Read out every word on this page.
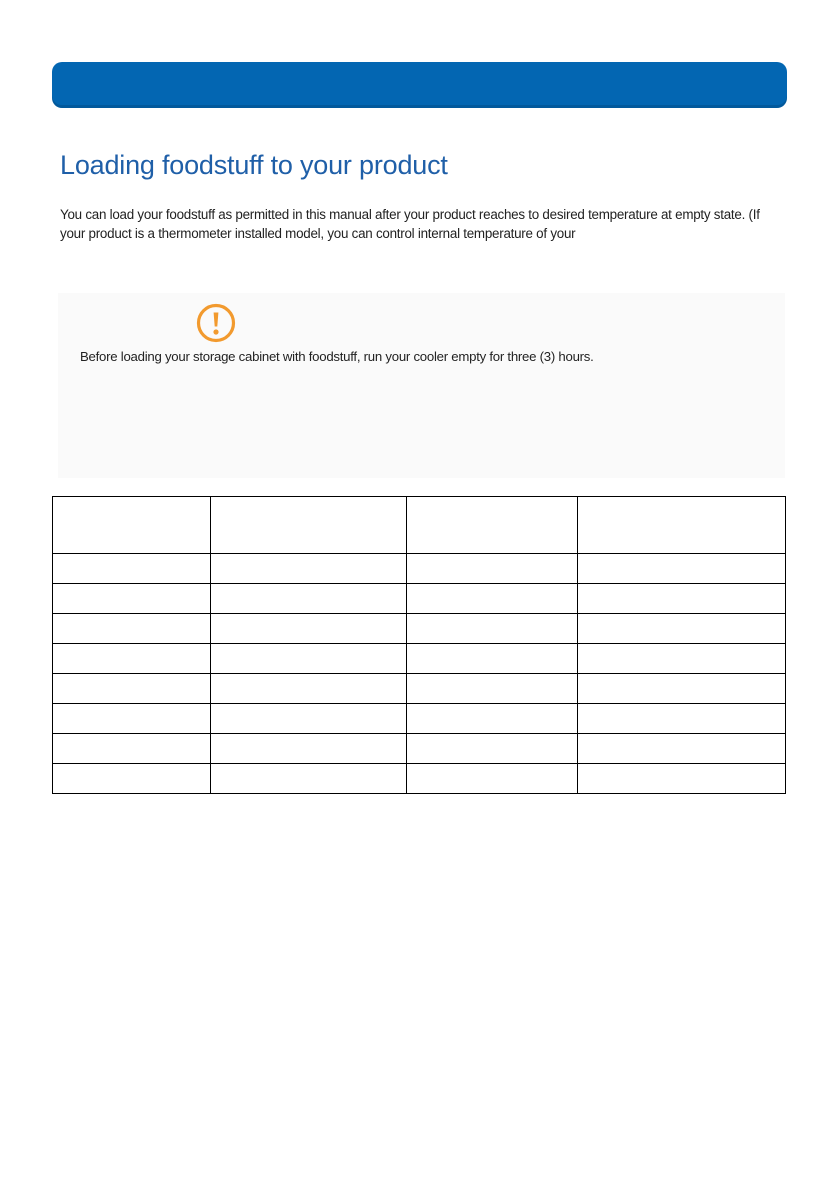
Loading foodstuff to your product

You can load your foodstuff as permitted in this manual after your product reaches to desired temperature at empty state. (If your product is a thermometer installed model, you can control internal temperature of your

Before loading your storage cabinet with foodstuff, run your cooler empty for three (3) hours.
